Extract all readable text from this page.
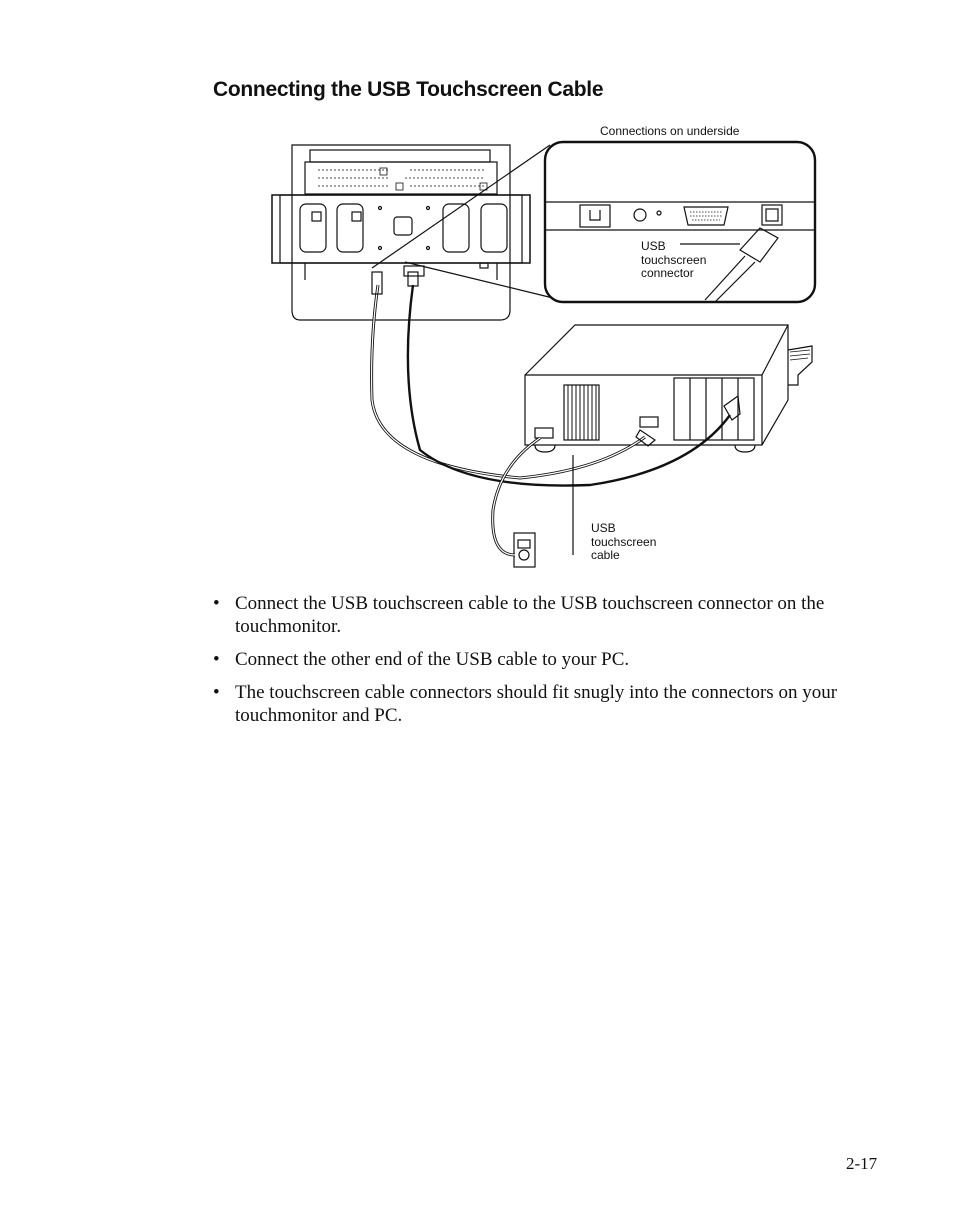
Connecting the USB Touchscreen Cable
Connections on underside
USB
touchscreen
connector
USB
touchscreen
cable
• Connect the USB touchscreen cable to the USB touchscreen connector on the touchmonitor.
• Connect the other end of the USB cable to your PC.
• The touchscreen cable connectors should fit snugly into the connectors on your touchmonitor and PC.
2-17
